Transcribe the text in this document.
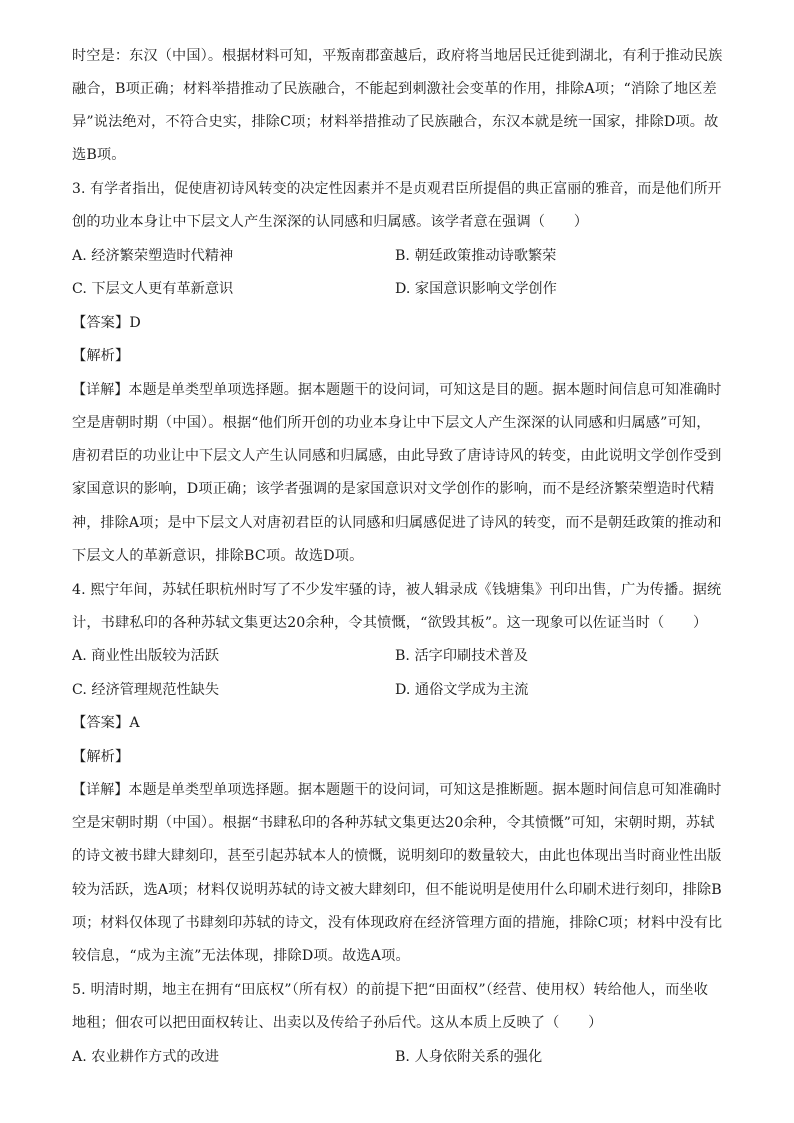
时空是：东汉（中国）。根据材料可知，平叛南郡蛮越后，政府将当地居民迁徙到湖北，有利于推动民族
融合，B项正确；材料举措推动了民族融合，不能起到刺激社会变革的作用，排除A项；“消除了地区差
异”说法绝对，不符合史实，排除C项；材料举措推动了民族融合，东汉本就是统一国家，排除D项。故
选B项。
3. 有学者指出，促使唐初诗风转变的决定性因素并不是贞观君臣所提倡的典正富丽的雅音，而是他们所开
创的功业本身让中下层文人产生深深的认同感和归属感。该学者意在强调（　　）
A. 经济繁荣塑造时代精神	B. 朝廷政策推动诗歌繁荣
C. 下层文人更有革新意识	D. 家国意识影响文学创作
【答案】D
【解析】
【详解】本题是单类型单项选择题。据本题题干的设问词，可知这是目的题。据本题时间信息可知准确时
空是唐朝时期（中国）。根据“他们所开创的功业本身让中下层文人产生深深的认同感和归属感”可知，
唐初君臣的功业让中下层文人产生认同感和归属感，由此导致了唐诗诗风的转变，由此说明文学创作受到
家国意识的影响，D项正确；该学者强调的是家国意识对文学创作的影响，而不是经济繁荣塑造时代精
神，排除A项；是中下层文人对唐初君臣的认同感和归属感促进了诗风的转变，而不是朝廷政策的推动和
下层文人的革新意识，排除BC项。故选D项。
4. 熙宁年间，苏轼任职杭州时写了不少发牢骚的诗，被人辑录成《钱塘集》刊印出售，广为传播。据统
计，书肆私印的各种苏轼文集更达20余种，令其愤慨，“欲毁其板”。这一现象可以佐证当时（　　）
A. 商业性出版较为活跃	B. 活字印刷技术普及
C. 经济管理规范性缺失	D. 通俗文学成为主流
【答案】A
【解析】
【详解】本题是单类型单项选择题。据本题题干的设问词，可知这是推断题。据本题时间信息可知准确时
空是宋朝时期（中国）。根据“书肆私印的各种苏轼文集更达20余种，令其愤慨”可知，宋朝时期，苏轼
的诗文被书肆大肆刻印，甚至引起苏轼本人的愤慨，说明刻印的数量较大，由此也体现出当时商业性出版
较为活跃，选A项；材料仅说明苏轼的诗文被大肆刻印，但不能说明是使用什么印刷术进行刻印，排除B
项；材料仅体现了书肆刻印苏轼的诗文，没有体现政府在经济管理方面的措施，排除C项；材料中没有比
较信息，“成为主流”无法体现，排除D项。故选A项。
5. 明清时期，地主在拥有“田底权”（所有权）的前提下把“田面权”（经营、使用权）转给他人，而坐收
地租；佃农可以把田面权转让、出卖以及传给子孙后代。这从本质上反映了（　　）
A. 农业耕作方式的改进	B. 人身依附关系的强化
